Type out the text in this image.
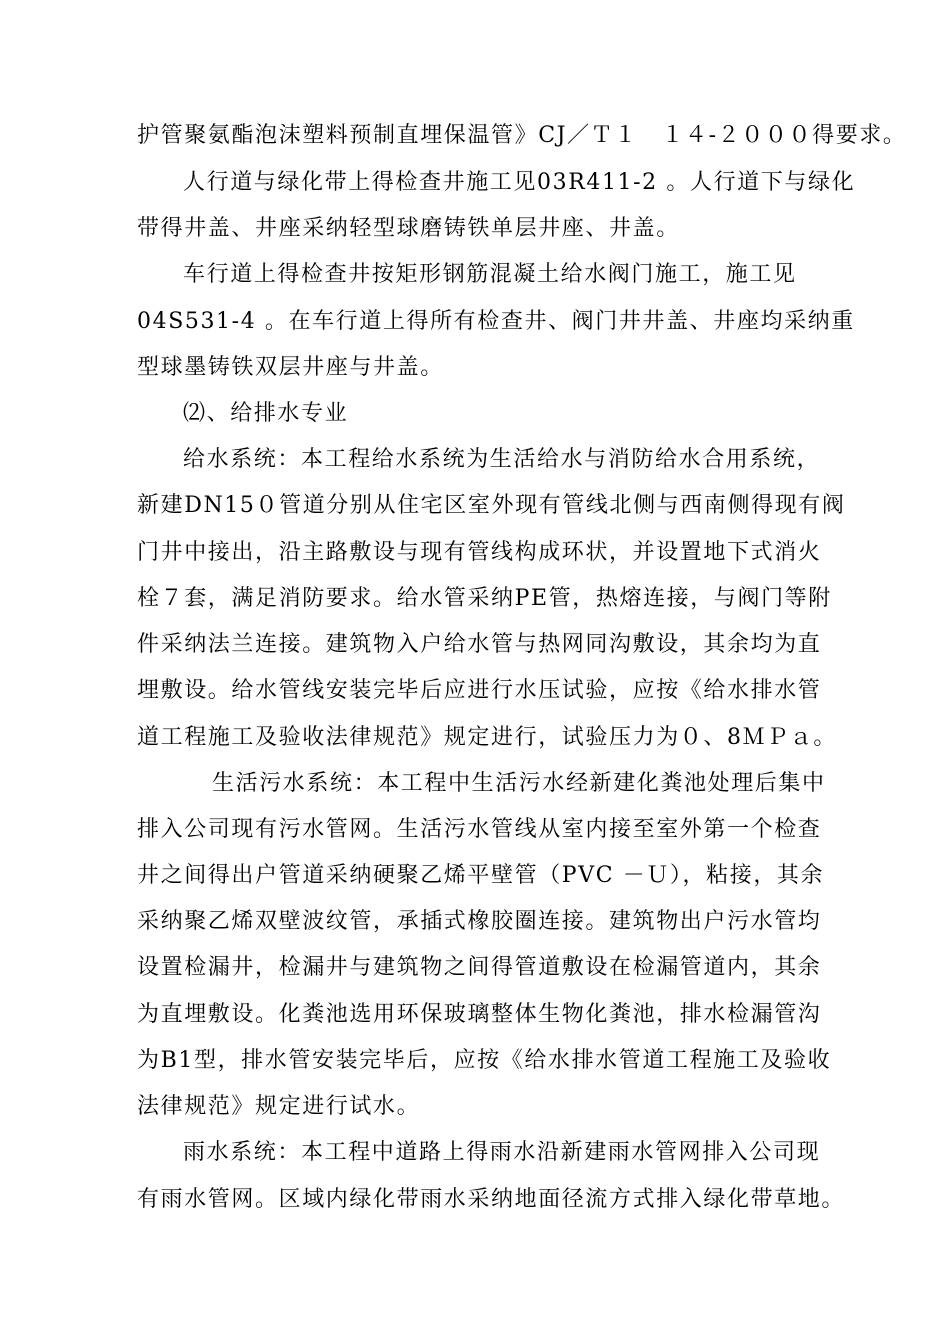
护管聚氨酯泡沫塑料预制直埋保温管》CJ／Ｔ１　１４-２０００得要求。
人行道与绿化带上得检查井施工见03R411-2 。人行道下与绿化
带得井盖、井座采纳轻型球磨铸铁单层井座、井盖。
车行道上得检查井按矩形钢筋混凝土给水阀门施工，施工见
04S531-4 。在车行道上得所有检查井、阀门井井盖、井座均采纳重
型球墨铸铁双层井座与井盖。
⑵、给排水专业
给水系统：本工程给水系统为生活给水与消防给水合用系统，
新建DN15０管道分别从住宅区室外现有管线北侧与西南侧得现有阀
门井中接出，沿主路敷设与现有管线构成环状，并设置地下式消火
栓７套，满足消防要求。给水管采纳PE管，热熔连接，与阀门等附
件采纳法兰连接。建筑物入户给水管与热网同沟敷设，其余均为直
埋敷设。给水管线安装完毕后应进行水压试验，应按《给水排水管
道工程施工及验收法律规范》规定进行，试验压力为０、8ＭＰａ。
生活污水系统：本工程中生活污水经新建化粪池处理后集中
排入公司现有污水管网。生活污水管线从室内接至室外第一个检查
井之间得出户管道采纳硬聚乙烯平壁管（PVC －Ｕ），粘接，其余
采纳聚乙烯双壁波纹管，承插式橡胶圈连接。建筑物出户污水管均
设置检漏井，检漏井与建筑物之间得管道敷设在检漏管道内，其余
为直埋敷设。化粪池选用环保玻璃整体生物化粪池，排水检漏管沟
为B1型，排水管安装完毕后，应按《给水排水管道工程施工及验收
法律规范》规定进行试水。
雨水系统：本工程中道路上得雨水沿新建雨水管网排入公司现
有雨水管网。区域内绿化带雨水采纳地面径流方式排入绿化带草地。
